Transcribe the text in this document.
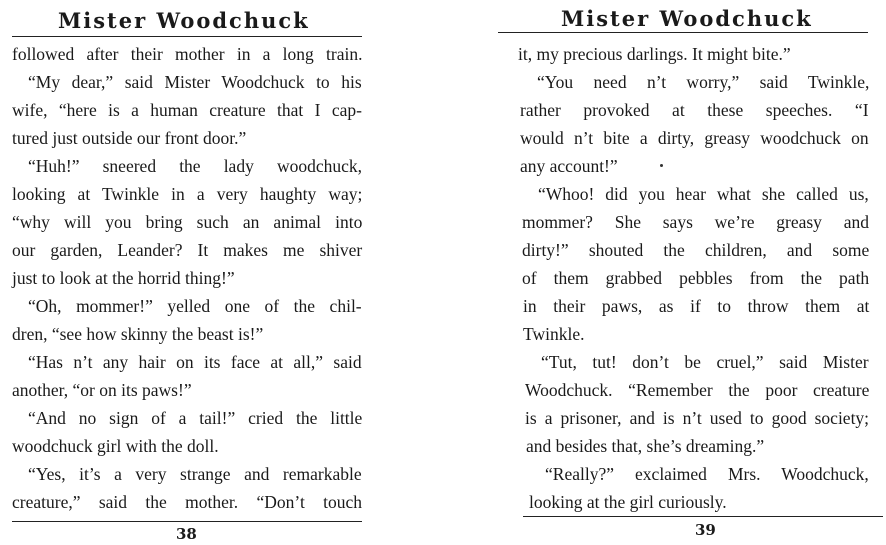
Mister Woodchuck
followed after their mother in a long train.
“My dear,” said Mister Woodchuck to his
wife, “here is a human creature that I cap-
tured just outside our front door.”
“Huh!” sneered the lady woodchuck,
looking at Twinkle in a very haughty way;
“why will you bring such an animal into
our garden, Leander? It makes me shiver
just to look at the horrid thing!”
“Oh, mommer!” yelled one of the chil-
dren, “see how skinny the beast is!”
“Has n’t any hair on its face at all,” said
another, “or on its paws!”
“And no sign of a tail!” cried the little
woodchuck girl with the doll.
“Yes, it’s a very strange and remarkable
creature,” said the mother. “Don’t touch
38
Mister Woodchuck
it, my precious darlings. It might bite.”
“You need n’t worry,” said Twinkle,
rather provoked at these speeches. “I
would n’t bite a dirty, greasy woodchuck on
any account!”
“Whoo! did you hear what she called us,
mommer? She says we’re greasy and
dirty!” shouted the children, and some
of them grabbed pebbles from the path
in their paws, as if to throw them at
Twinkle.
“Tut, tut! don’t be cruel,” said Mister
Woodchuck. “Remember the poor creature
is a prisoner, and is n’t used to good society;
and besides that, she’s dreaming.”
“Really?” exclaimed Mrs. Woodchuck,
looking at the girl curiously.
39
